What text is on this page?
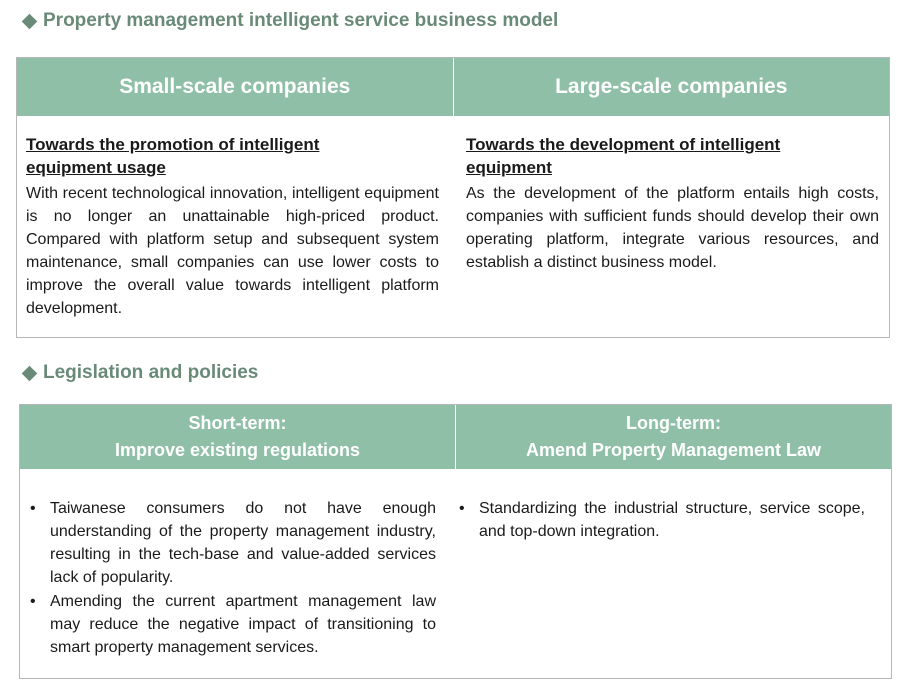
Property management intelligent service business model
Small-scale companies	Large-scale companies
Towards the promotion of intelligent
equipment usage
With recent technological innovation, intelligent equipment is no longer an unattainable high-priced product. Compared with platform setup and subsequent system maintenance, small companies can use lower costs to improve the overall value towards intelligent platform development.
Towards the development of intelligent
equipment
As the development of the platform entails high costs, companies with sufficient funds should develop their own operating platform, integrate various resources, and establish a distinct business model.
Legislation and policies
Short-term:
Improve existing regulations
Long-term:
Amend Property Management Law
• Taiwanese consumers do not have enough understanding of the property management industry, resulting in the tech-base and value-added services lack of popularity.
• Amending the current apartment management law may reduce the negative impact of transitioning to smart property management services.
• Standardizing the industrial structure, service scope, and top-down integration.
